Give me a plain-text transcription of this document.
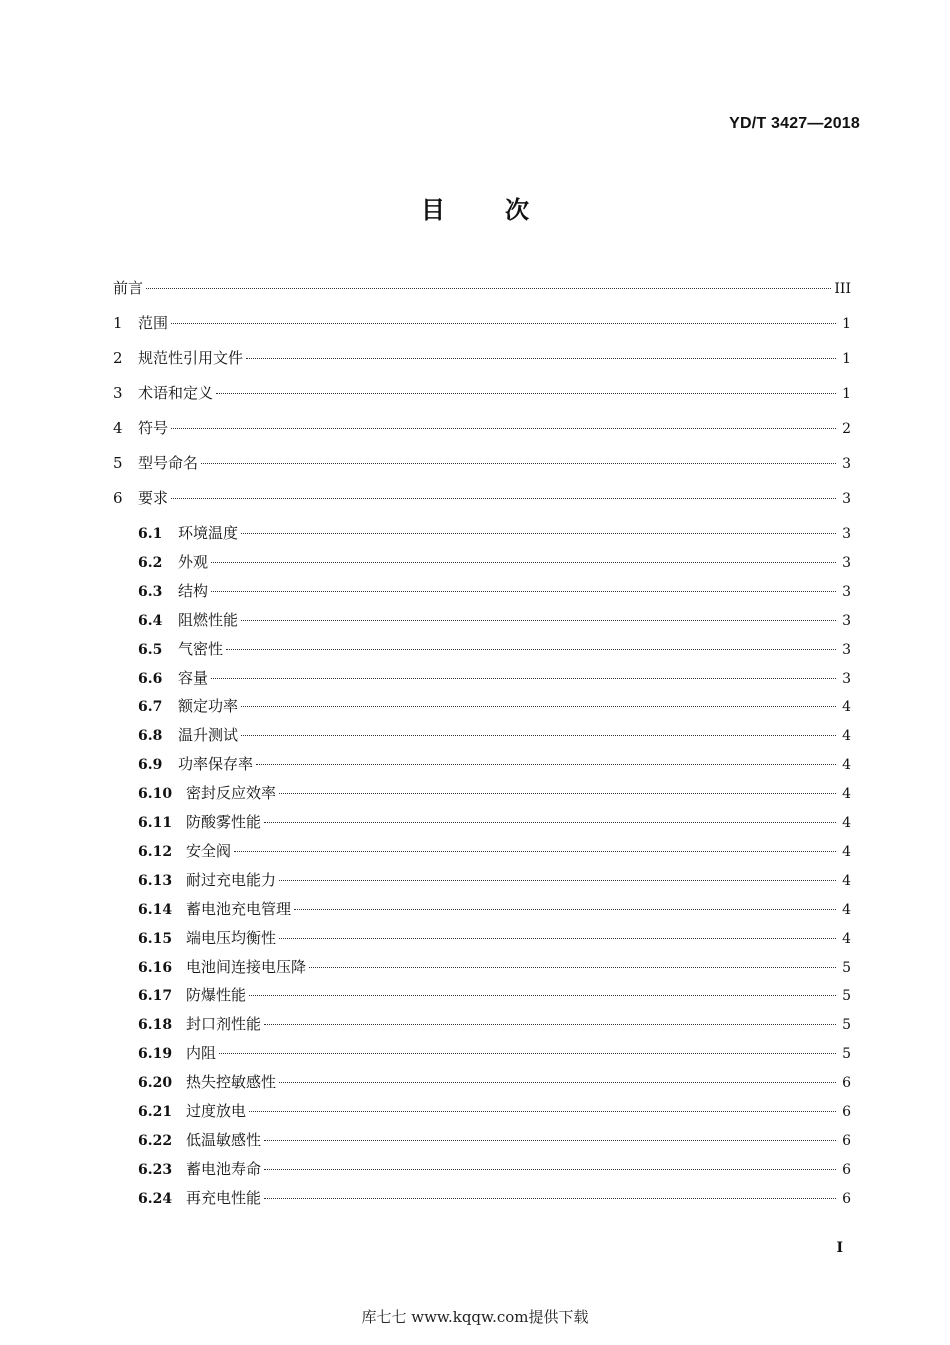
YD/T 3427—2018
目	次
前言	III
1	范围	1
2	规范性引用文件	1
3	术语和定义	1
4	符号	2
5	型号命名	3
6	要求	3
6.1	环境温度	3
6.2	外观	3
6.3	结构	3
6.4	阻燃性能	3
6.5	气密性	3
6.6	容量	3
6.7	额定功率	4
6.8	温升测试	4
6.9	功率保存率	4
6.10 密封反应效率	4
6.11 防酸雾性能	4
6.12 安全阀	4
6.13 耐过充电能力	4
6.14 蓄电池充电管理	4
6.15 端电压均衡性	4
6.16 电池间连接电压降	5
6.17 防爆性能	5
6.18 封口剂性能	5
6.19 内阻	5
6.20 热失控敏感性	6
6.21 过度放电	6
6.22 低温敏感性	6
6.23 蓄电池寿命	6
6.24 再充电性能	6
I
库七七 www.kqqw.com提供下载
